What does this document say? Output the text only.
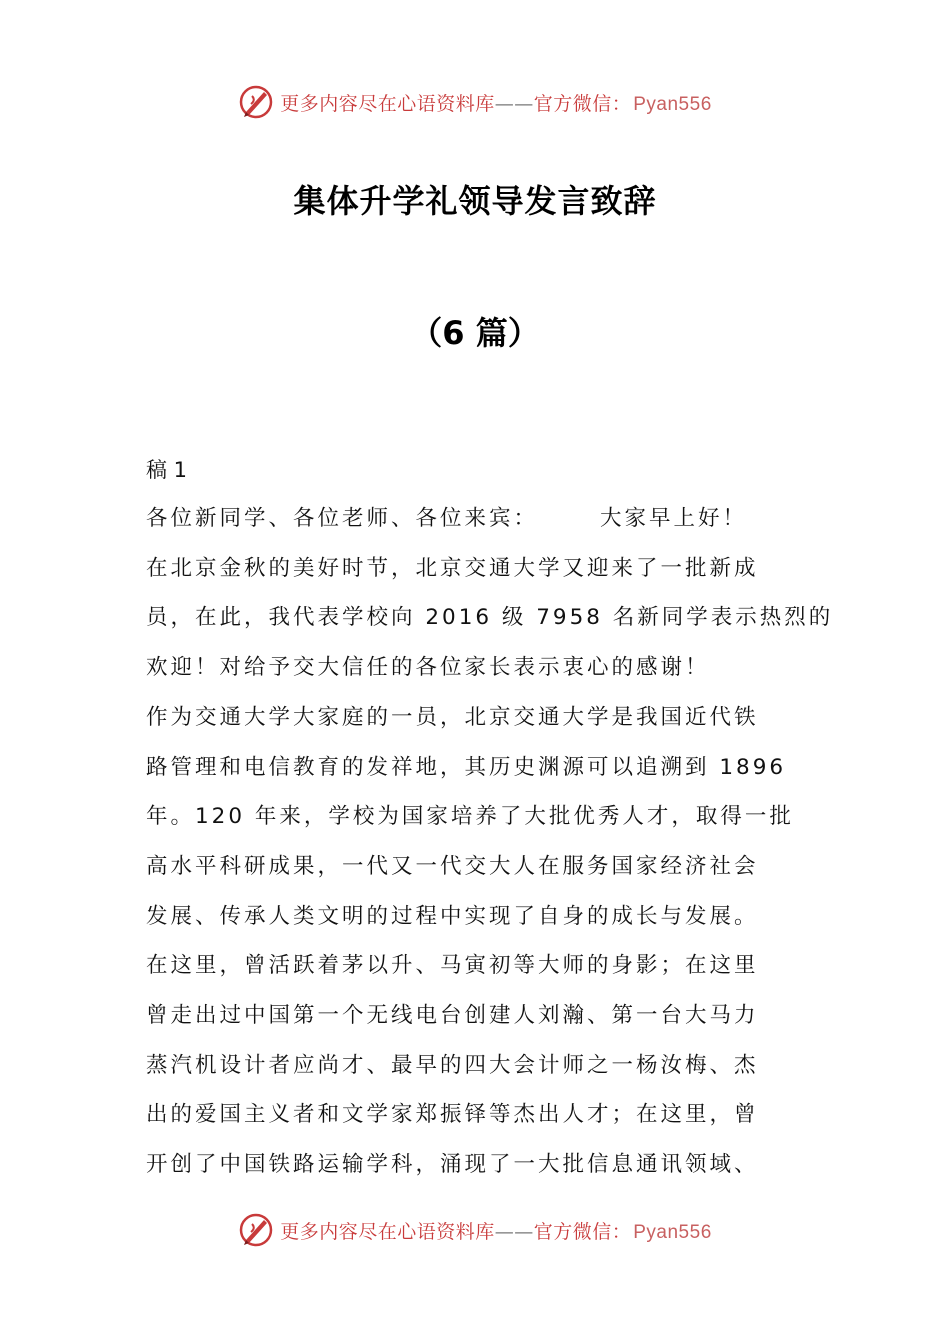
更多内容尽在心语资料库——官方微信： Pyan556
集体升学礼领导发言致辞
（6 篇）
稿 1
各位新同学、各位老师、各位来宾：	大家早上好！
在北京金秋的美好时节，北京交通大学又迎来了一批新成
员，在此，我代表学校向 2016 级 7958 名新同学表示热烈的
欢迎！对给予交大信任的各位家长表示衷心的感谢！
作为交通大学大家庭的一员，北京交通大学是我国近代铁
路管理和电信教育的发祥地，其历史渊源可以追溯到 1896
年。120 年来，学校为国家培养了大批优秀人才，取得一批
高水平科研成果，一代又一代交大人在服务国家经济社会
发展、传承人类文明的过程中实现了自身的成长与发展。
在这里，曾活跃着茅以升、马寅初等大师的身影；在这里
曾走出过中国第一个无线电台创建人刘瀚、第一台大马力
蒸汽机设计者应尚才、最早的四大会计师之一杨汝梅、杰
出的爱国主义者和文学家郑振铎等杰出人才；在这里，曾
开创了中国铁路运输学科，涌现了一大批信息通讯领域、
更多内容尽在心语资料库——官方微信： Pyan556
